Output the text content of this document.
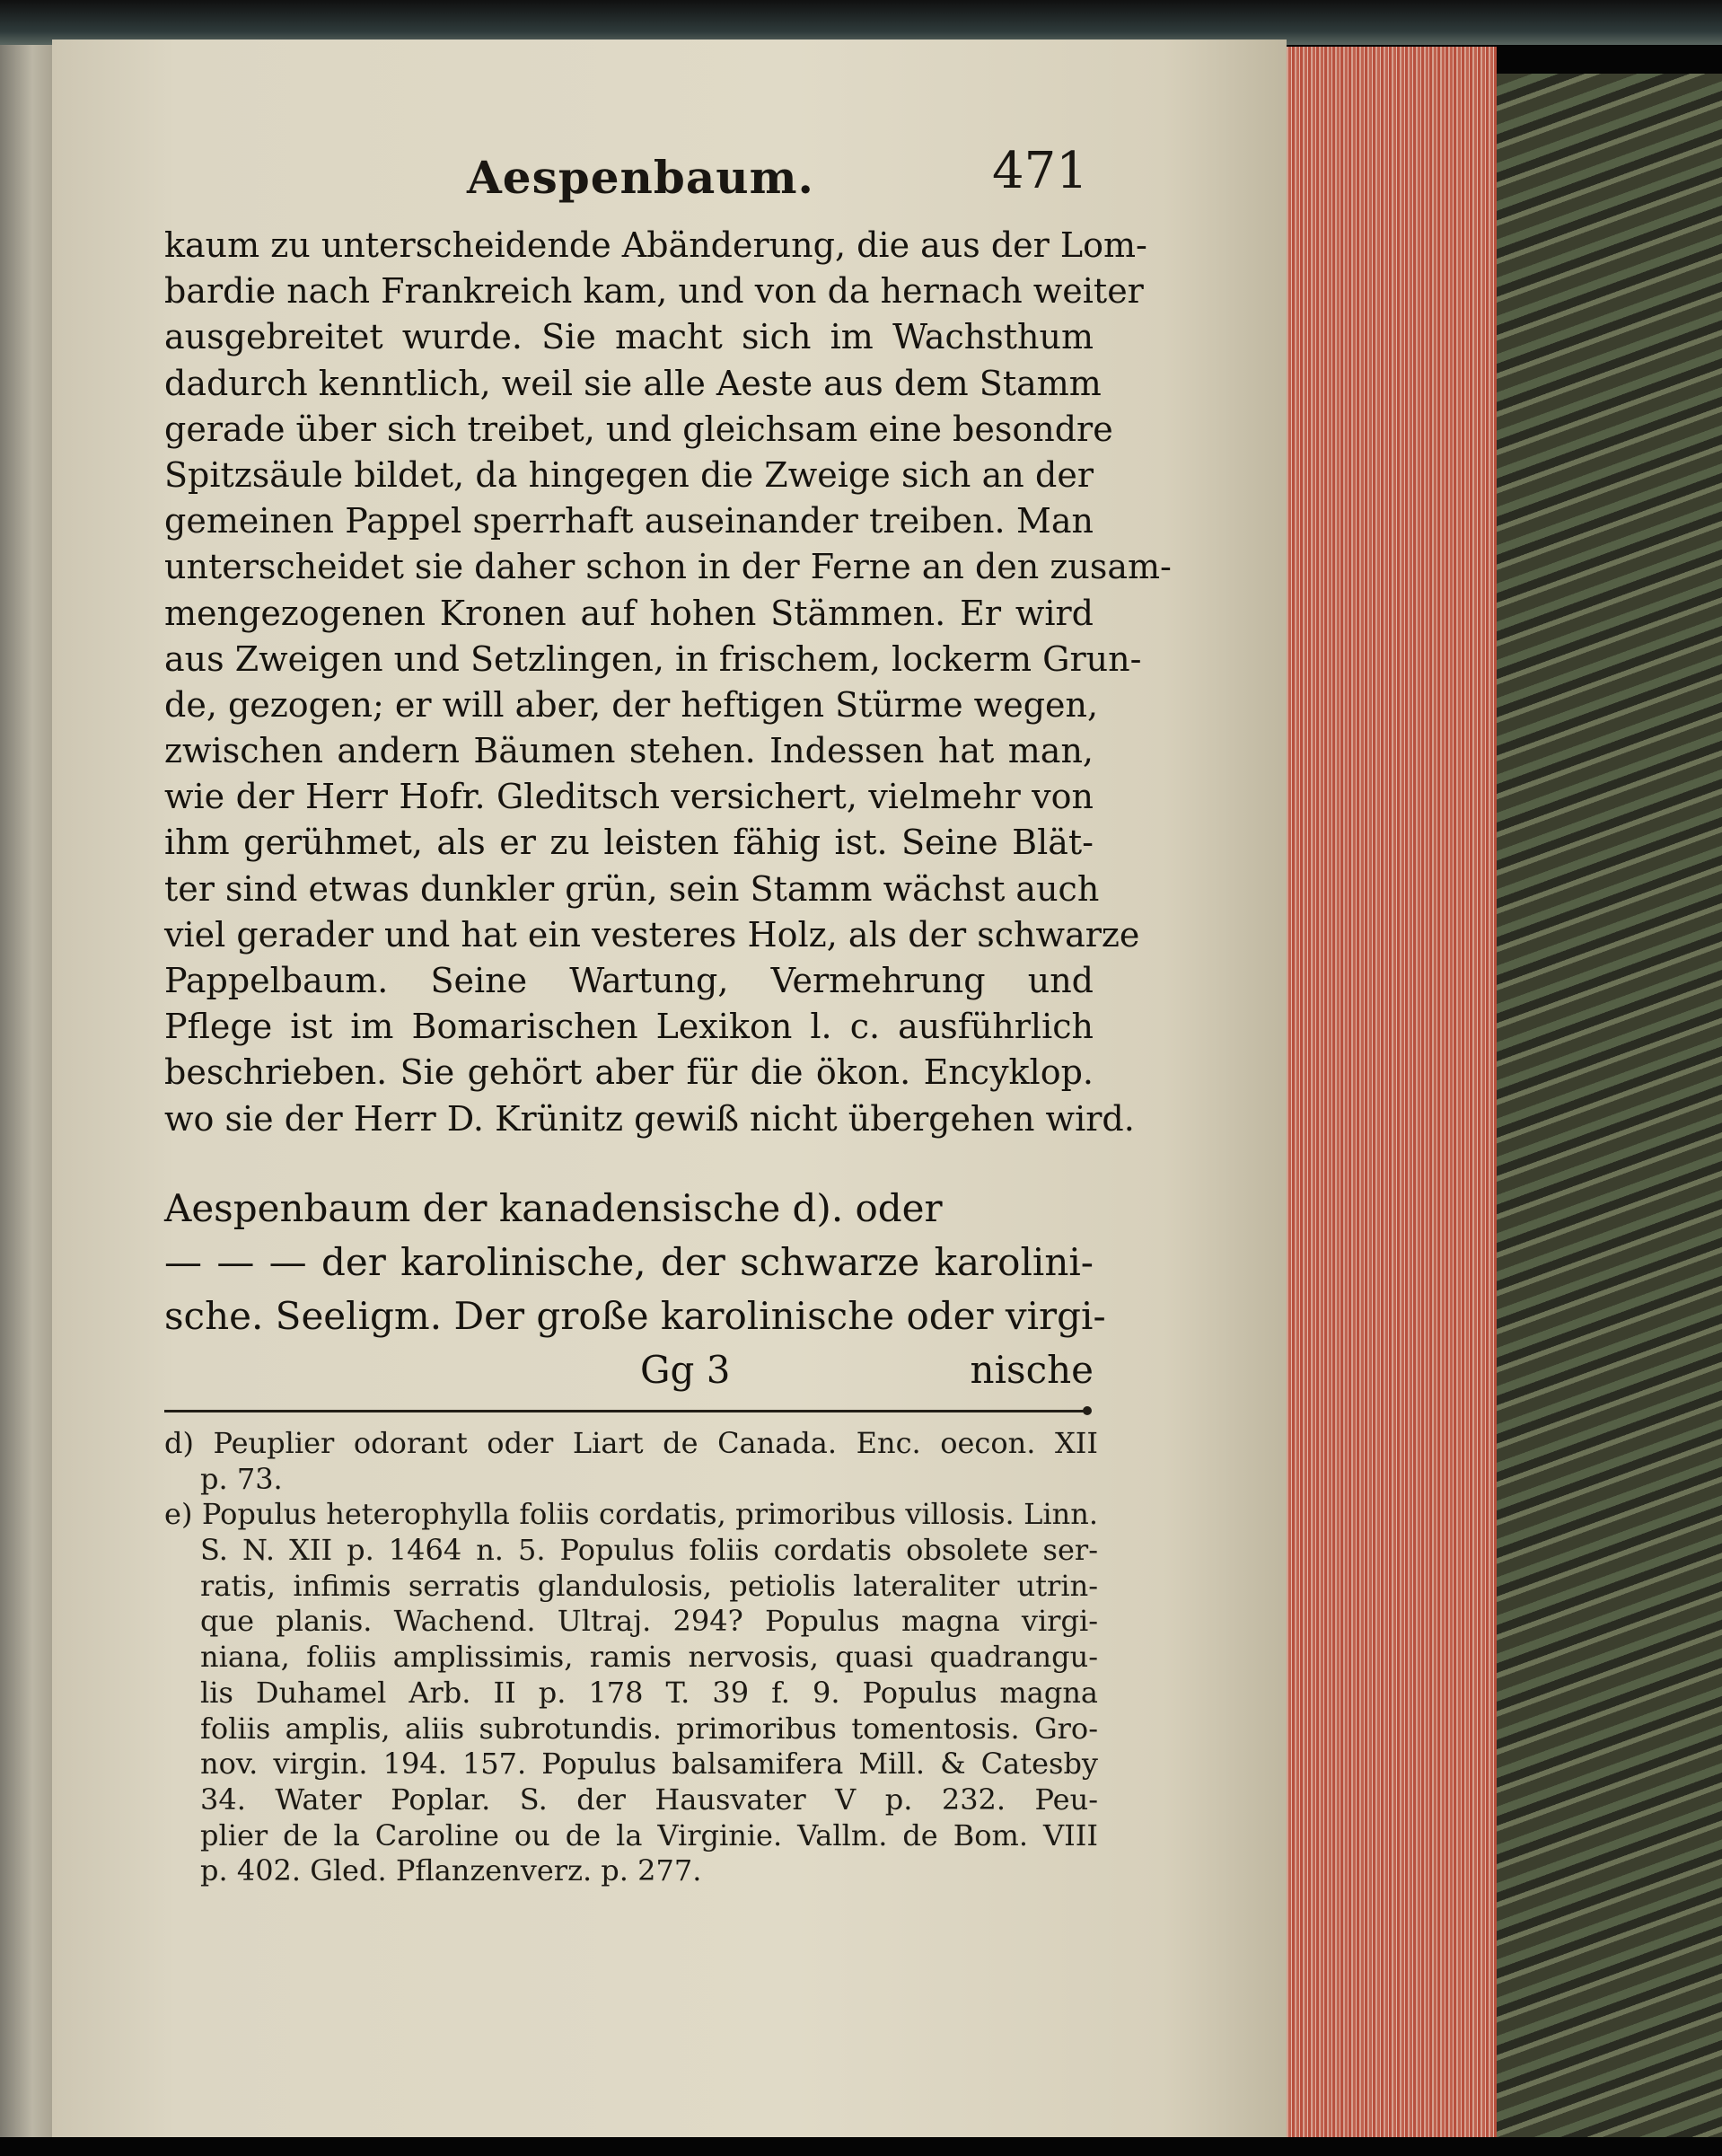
Aespenbaum.	471
kaum zu unterscheidende Abänderung, die aus der Lom-
bardie nach Frankreich kam, und von da hernach weiter
ausgebreitet wurde. Sie macht sich im Wachsthum
dadurch kenntlich, weil sie alle Aeste aus dem Stamm
gerade über sich treibet, und gleichsam eine besondre
Spitzsäule bildet, da hingegen die Zweige sich an der
gemeinen Pappel sperrhaft auseinander treiben. Man
unterscheidet sie daher schon in der Ferne an den zusam-
mengezogenen Kronen auf hohen Stämmen. Er wird
aus Zweigen und Setzlingen, in frischem, lockerm Grun-
de, gezogen; er will aber, der heftigen Stürme wegen,
zwischen andern Bäumen stehen. Indessen hat man,
wie der Herr Hofr. Gleditsch versichert, vielmehr von
ihm gerühmet, als er zu leisten fähig ist. Seine Blät-
ter sind etwas dunkler grün, sein Stamm wächst auch
viel gerader und hat ein vesteres Holz, als der schwarze
Pappelbaum. Seine Wartung, Vermehrung und
Pflege ist im Bomarischen Lexikon l. c. ausführlich
beschrieben. Sie gehört aber für die ökon. Encyklop.
wo sie der Herr D. Krünitz gewiß nicht übergehen wird.
Aespenbaum der kanadensische d). oder
— — — der karolinische, der schwarze karolini-
sche. Seeligm. Der große karolinische oder virgi-
Gg 3	nische
d) Peuplier odorant oder Liart de Canada. Enc. oecon. XII
p. 73.
e) Populus heterophylla foliis cordatis, primoribus villosis. Linn.
S. N. XII p. 1464 n. 5. Populus foliis cordatis obsolete ser-
ratis, infimis serratis glandulosis, petiolis lateraliter utrin-
que planis. Wachend. Ultraj. 294? Populus magna virgi-
niana, foliis amplissimis, ramis nervosis, quasi quadrangu-
lis Duhamel Arb. II p. 178 T. 39 f. 9. Populus magna
foliis amplis, aliis subrotundis. primoribus tomentosis. Gro-
nov. virgin. 194. 157. Populus balsamifera Mill. & Catesby
34. Water Poplar. S. der Hausvater V p. 232. Peu-
plier de la Caroline ou de la Virginie. Vallm. de Bom. VIII
p. 402. Gled. Pflanzenverz. p. 277.
